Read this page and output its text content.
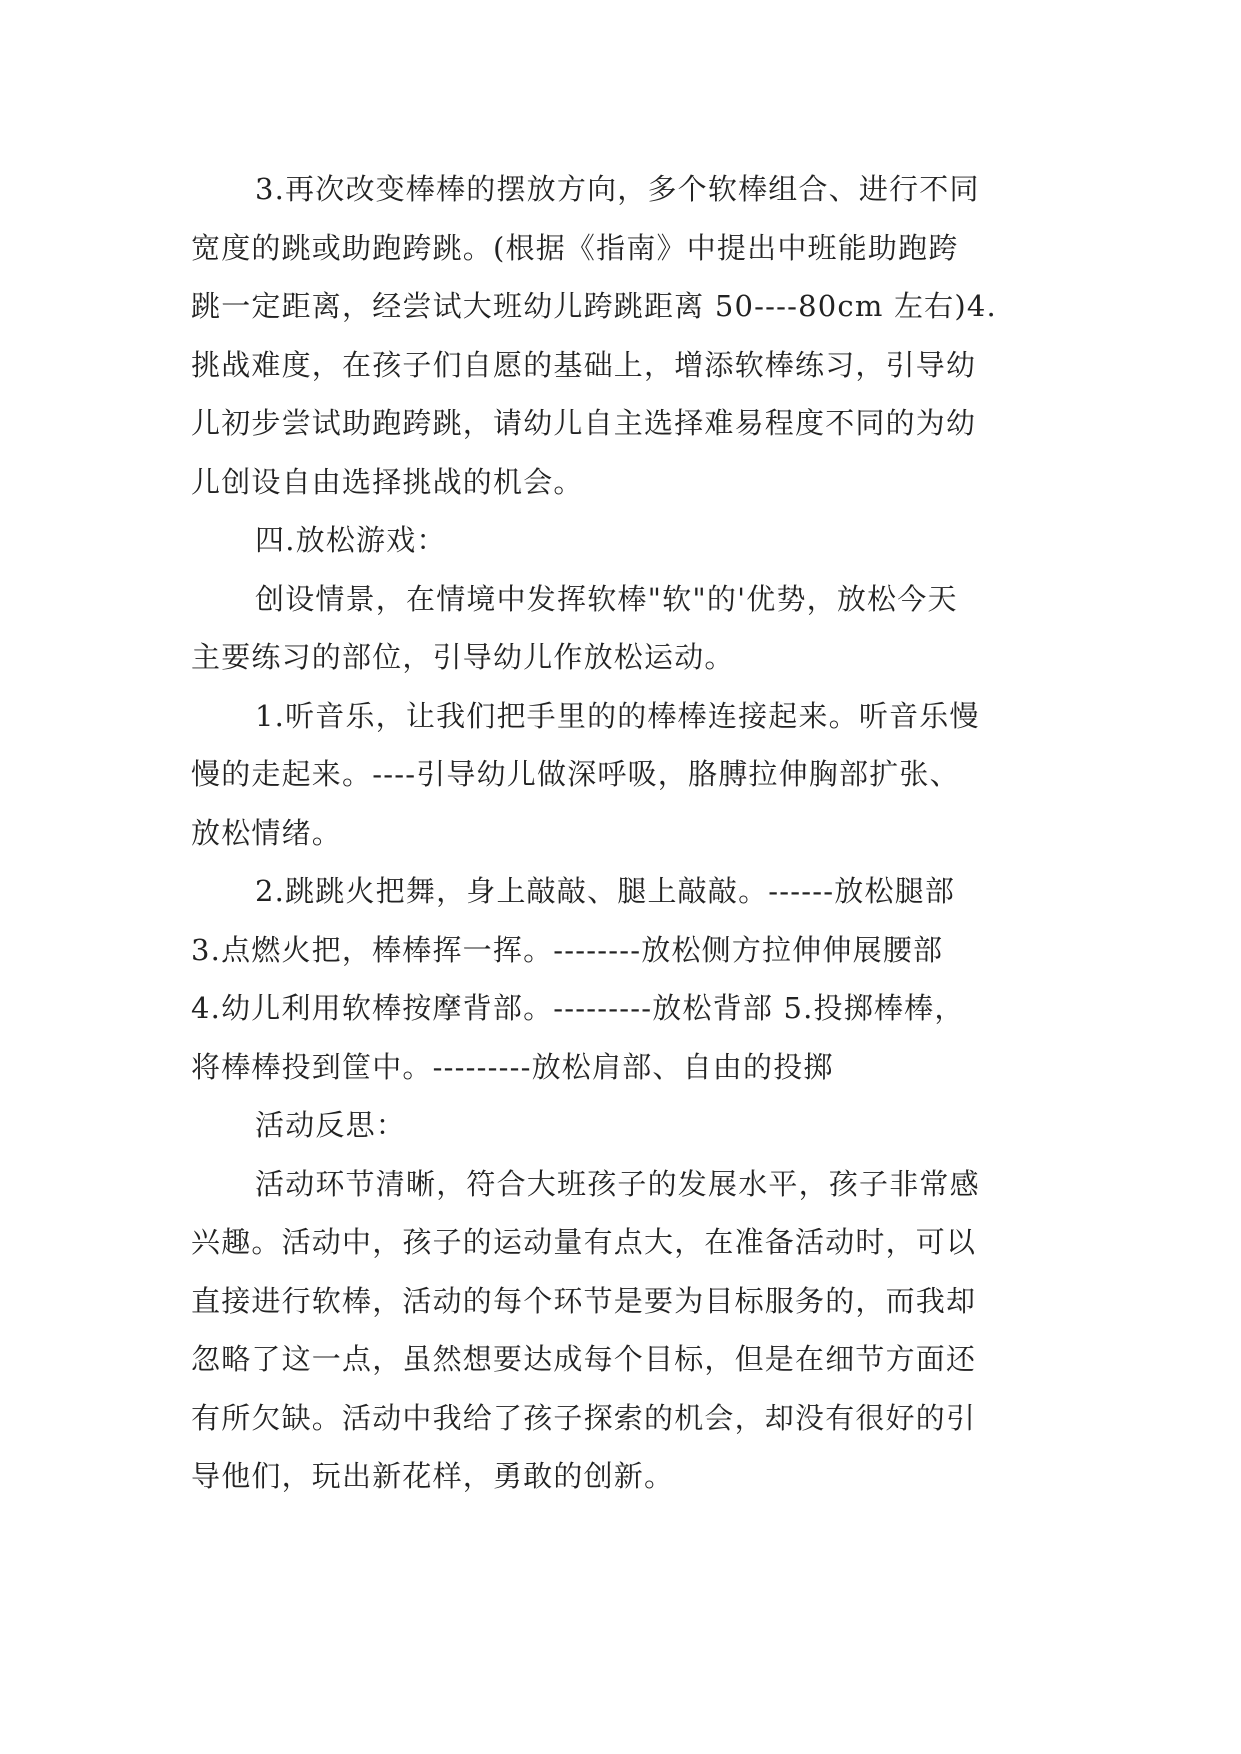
3.再次改变棒棒的摆放方向，多个软棒组合、进行不同
宽度的跳或助跑跨跳。(根据《指南》中提出中班能助跑跨
跳一定距离，经尝试大班幼儿跨跳距离 50----80cm 左右)4.
挑战难度，在孩子们自愿的基础上，增添软棒练习，引导幼
儿初步尝试助跑跨跳，请幼儿自主选择难易程度不同的为幼
儿创设自由选择挑战的机会。
四.放松游戏：
创设情景，在情境中发挥软棒"软"的'优势，放松今天
主要练习的部位，引导幼儿作放松运动。
1.听音乐，让我们把手里的的棒棒连接起来。听音乐慢
慢的走起来。----引导幼儿做深呼吸，胳膊拉伸胸部扩张、
放松情绪。
2.跳跳火把舞，身上敲敲、腿上敲敲。------放松腿部
3.点燃火把，棒棒挥一挥。--------放松侧方拉伸伸展腰部
4.幼儿利用软棒按摩背部。---------放松背部 5.投掷棒棒，
将棒棒投到筐中。---------放松肩部、自由的投掷
活动反思：
活动环节清晰，符合大班孩子的发展水平，孩子非常感
兴趣。活动中，孩子的运动量有点大，在准备活动时，可以
直接进行软棒，活动的每个环节是要为目标服务的，而我却
忽略了这一点，虽然想要达成每个目标，但是在细节方面还
有所欠缺。活动中我给了孩子探索的机会，却没有很好的引
导他们，玩出新花样，勇敢的创新。
